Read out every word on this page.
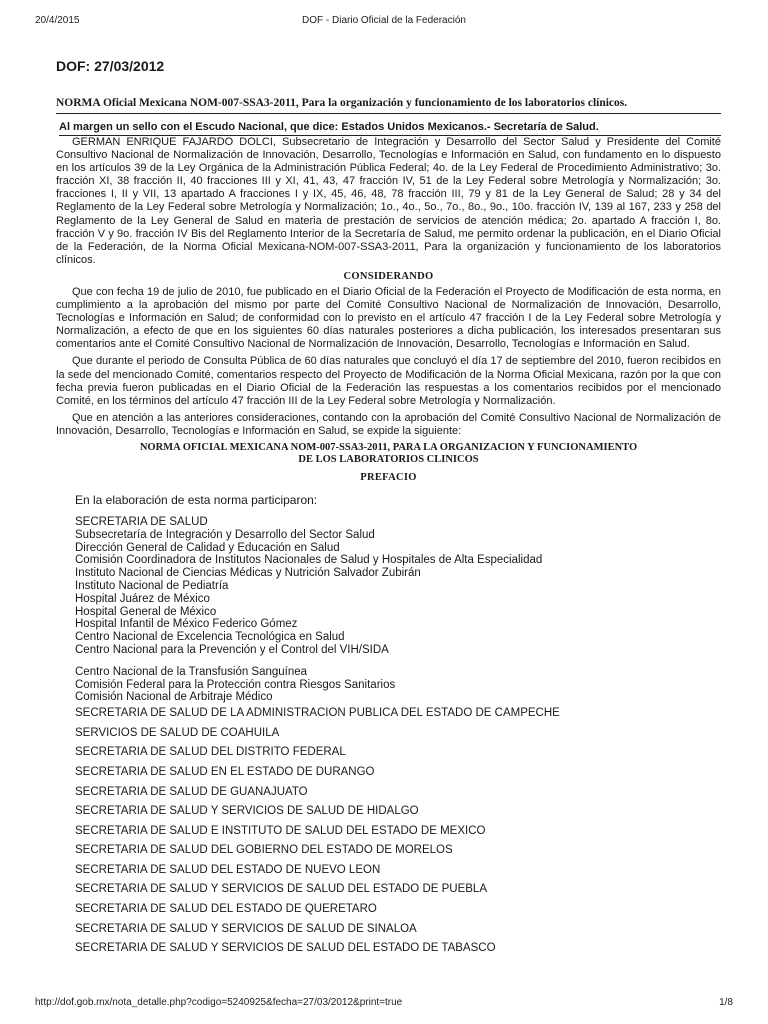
20/4/2015	DOF - Diario Oficial de la Federación
DOF: 27/03/2012
NORMA Oficial Mexicana NOM-007-SSA3-2011, Para la organización y funcionamiento de los laboratorios clínicos.
Al margen un sello con el Escudo Nacional, que dice: Estados Unidos Mexicanos.- Secretaría de Salud.

GERMAN ENRIQUE FAJARDO DOLCI, Subsecretario de Integración y Desarrollo del Sector Salud y Presidente del Comité Consultivo Nacional de Normalización de Innovación, Desarrollo, Tecnologías e Información en Salud, con fundamento en lo dispuesto en los artículos 39 de la Ley Orgánica de la Administración Pública Federal; 4o. de la Ley Federal de Procedimiento Administrativo; 3o. fracción XI, 38 fracción II, 40 fracciones III y XI, 41, 43, 47 fracción IV, 51 de la Ley Federal sobre Metrología y Normalización; 3o. fracciones I, II y VII, 13 apartado A fracciones I y IX, 45, 46, 48, 78 fracción III, 79 y 81 de la Ley General de Salud; 28 y 34 del Reglamento de la Ley Federal sobre Metrología y Normalización; 1o., 4o., 5o., 7o., 8o., 9o., 10o. fracción IV, 139 al 167, 233 y 258 del Reglamento de la Ley General de Salud en materia de prestación de servicios de atención médica; 2o. apartado A fracción I, 8o. fracción V y 9o. fracción IV Bis del Reglamento Interior de la Secretaría de Salud, me permito ordenar la publicación, en el Diario Oficial de la Federación, de la Norma Oficial Mexicana-NOM-007-SSA3-2011, Para la organización y funcionamiento de los laboratorios clínicos.

CONSIDERANDO

Que con fecha 19 de julio de 2010, fue publicado en el Diario Oficial de la Federación el Proyecto de Modificación de esta norma, en cumplimiento a la aprobación del mismo por parte del Comité Consultivo Nacional de Normalización de Innovación, Desarrollo, Tecnologías e Información en Salud; de conformidad con lo previsto en el artículo 47 fracción I de la Ley Federal sobre Metrología y Normalización, a efecto de que en los siguientes 60 días naturales posteriores a dicha publicación, los interesados presentaran sus comentarios ante el Comité Consultivo Nacional de Normalización de Innovación, Desarrollo, Tecnologías e Información en Salud.

Que durante el periodo de Consulta Pública de 60 días naturales que concluyó el día 17 de septiembre del 2010, fueron recibidos en la sede del mencionado Comité, comentarios respecto del Proyecto de Modificación de la Norma Oficial Mexicana, razón por la que con fecha previa fueron publicadas en el Diario Oficial de la Federación las respuestas a los comentarios recibidos por el mencionado Comité, en los términos del artículo 47 fracción III de la Ley Federal sobre Metrología y Normalización.

Que en atención a las anteriores consideraciones, contando con la aprobación del Comité Consultivo Nacional de Normalización de Innovación, Desarrollo, Tecnologías e Información en Salud, se expide la siguiente:

NORMA OFICIAL MEXICANA NOM-007-SSA3-2011, PARA LA ORGANIZACION Y FUNCIONAMIENTO
DE LOS LABORATORIOS CLINICOS
PREFACIO
En la elaboración de esta norma participaron:
SECRETARIA DE SALUD
Subsecretaría de Integración y Desarrollo del Sector Salud
Dirección General de Calidad y Educación en Salud
Comisión Coordinadora de Institutos Nacionales de Salud y Hospitales de Alta Especialidad
Instituto Nacional de Ciencias Médicas y Nutrición Salvador Zubirán
Instituto Nacional de Pediatría
Hospital Juárez de México
Hospital General de México
Hospital Infantil de México Federico Gómez
Centro Nacional de Excelencia Tecnológica en Salud
Centro Nacional para la Prevención y el Control del VIH/SIDA
Centro Nacional de la Transfusión Sanguínea
Comisión Federal para la Protección contra Riesgos Sanitarios
Comisión Nacional de Arbitraje Médico
SECRETARIA DE SALUD DE LA ADMINISTRACION PUBLICA DEL ESTADO DE CAMPECHE
SERVICIOS DE SALUD DE COAHUILA
SECRETARIA DE SALUD DEL DISTRITO FEDERAL
SECRETARIA DE SALUD EN EL ESTADO DE DURANGO
SECRETARIA DE SALUD DE GUANAJUATO
SECRETARIA DE SALUD Y SERVICIOS DE SALUD DE HIDALGO
SECRETARIA DE SALUD E INSTITUTO DE SALUD DEL ESTADO DE MEXICO
SECRETARIA DE SALUD DEL GOBIERNO DEL ESTADO DE MORELOS
SECRETARIA DE SALUD DEL ESTADO DE NUEVO LEON
SECRETARIA DE SALUD Y SERVICIOS DE SALUD DEL ESTADO DE PUEBLA
SECRETARIA DE SALUD DEL ESTADO DE QUERETARO
SECRETARIA DE SALUD Y SERVICIOS DE SALUD DE SINALOA
SECRETARIA DE SALUD Y SERVICIOS DE SALUD DEL ESTADO DE TABASCO
http://dof.gob.mx/nota_detalle.php?codigo=5240925&fecha=27/03/2012&print=true	1/8
